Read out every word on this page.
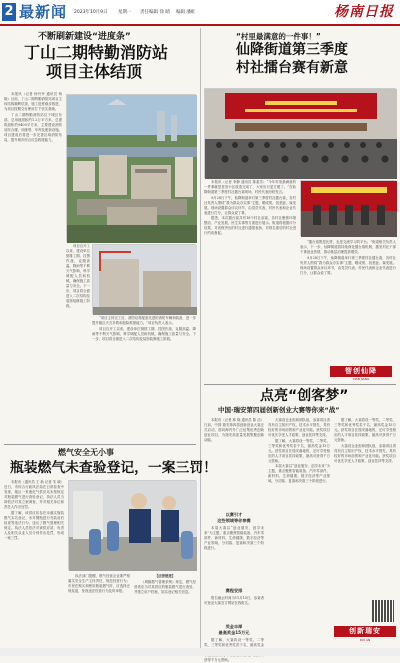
2 最新闻 2023年10月9日 星期一 责任编辑 徐 晴 编辑 潘虹	杨南日报
不断刷新建设“进度条”
丁山二期特勤消防站
项目主体结顶

本报讯（记者 杨丹丹 通讯员 杨晓）目前，丁山二期特勤消防站项目主体结构顺利结顶，施工进度稳步推进，为项目按期交付使用打下坚实基础。

丁山二期特勤消防站位于城区东部，总用地面积约1.2万平方米，总建筑面积约9400平方米，主要建设消防站综合楼、训练塔、车库及配套设施。项目建成后将进一步完善区域消防布局，提升城市综合应急救援能力。

项目自开工以来，建设单位倒排工期、挂图作战，克服高温、降雨等不利天气影响，科学调配人员和机械，确保施工质量与安全。下一步，项目将全面进入二次结构及装饰装修施工阶段。

“项目主体完工后，消防站将配备先进的消防车辆和装备，进一步提升辖区火灾扑救和抢险救援能力。”项目负责人表示。

项目自开工以来，建设单位倒排工期、挂图作战，克服高温、降雨等不利天气影响，科学调配人员和机械，确保施工质量与安全。下一步，项目将全面进入二次结构及装饰装修施工阶段。

燃气安全无小事
瓶装燃气未查验登记，一案三罚！

本报讯（通讯员 王 新 记者 朱 晓）近日，市综合行政执法局在日常检查中发现，辖区一家液化气供应站未按规定对瓶装燃气进行查验登记，执法人员当即依法对其立案调查，并对相关单位和责任人作出处罚。

据了解，该供应站存在未落实瓶装燃气实名登记、未对钢瓶进行充装前后检查等违法行为，违反了燃气管理相关规定。执法人员依法对该供应站、负责人及相关从业人员分别作出处罚，形成一案三罚。

执法部门提醒，燃气经营企业要严格落实安全生产主体责任，规范经营行为；市民在购买和使用瓶装燃气时，应选择正规渠道，发现违法经营行为及时举报。

【法律链接】

《城镇燃气管理条例》规定，燃气经营者应当对其供应的瓶装燃气进行查验，并建立用户档案，如实登记相关信息。

“村里最满意的一件事！”
仙降街道第三季度
村社擂台赛有新意

本报讯（记者 李静 通讯员 陈素芳）“今年村里最满意的一件事就是老旧小区改造完成了，大家出行更方便了。”在仙降街道第三季度村社擂台赛现场，村民代表纷纷发言。

9月28日下午，仙降街道举行第三季度村社擂台赛，各村社负责人围绕“我为群众办实事”主题，晒成绩、找差距、谋发展。现场设置群众评议环节，由党员代表、村民代表和企业代表进行打分，让群众说了算。

据悉，本次擂台赛共有18个村社参赛，各村社聚焦环境整治、产业发展、民生实事等方面进行展示。街道将根据评分结果，对表现突出的村社进行通报表扬，对排名靠后的村社进行约谈督促。

“擂台赛既是比拼，也是交流学习的平台。”街道相关负责人表示，下一步，仙降街道将持续深化擂台赛机制，激发村社干部干事创业热情，推动基层治理提质增效。

9月28日下午，仙降街道举行第三季度村社擂台赛，各村社负责人围绕“我为群众办实事”主题，晒成绩、找差距、谋发展。现场设置群众评议环节，由党员代表、村民代表和企业代表进行打分，让群众说了算。

智创仙降
XIAN JIANG
点亮“创客梦”
中国·瑞安第四届创新创业大赛等你来“战”

本报讯（记者 林 晓 通讯员 陈 洁）日前，中国·瑞安第四届创新创业大赛正式启动，面向海内外广泛征集优秀创新创业项目，为瑞安高质量发展集聚创新动能。

以赛引才
这些领域等你参赛

本届大赛以“创业瑞安、创享未来”为主题，重点聚焦智能装备、汽车零部件、新材料、生命健康、数字经济等产业领域，分初赛、复赛和决赛三个阶段进行。

赛程安排

报名截止时间为11月15日，参赛者可登录大赛官方网站在线报名。

奖金丰厚
最高奖金15万元

据了解，大赛将设一等奖、二等奖、三等奖和优秀奖若干名，最高奖金 获得千万元资助。

大赛设企业组和团队组，参赛项目须具有自主知识产权，技术水平领先，具有较好的市场前景和产业化可能。获奖项目可优先享受人才政策、创业扶持等支持。

据了解，大赛将设一等奖、二等奖、三等奖和优秀奖若干名，最高奖金15万元。获奖项目在瑞安落地的，还可享受相应的人才项目扶持政策，最高可获得千万元资助。

本届大赛以“创业瑞安、创享未来”为主题，重点聚焦智能装备、汽车零部件、新材料、生命健康、数字经济等产业领域，分初赛、复赛和决赛三个阶段进行。

据了解，大赛将设一等奖、二等奖、三等奖和优秀奖若干名，最高奖金15万元。获奖项目在瑞安落地的，还可享受相应的人才项目扶持政策，最高可获得千万元资助。

大赛设企业组和团队组，参赛项目须具有自主知识产权，技术水平领先，具有较好的市场前景和产业化可能。获奖项目可优先享受人才政策、创业扶持等支持。

创新瑞安
RUI AN
